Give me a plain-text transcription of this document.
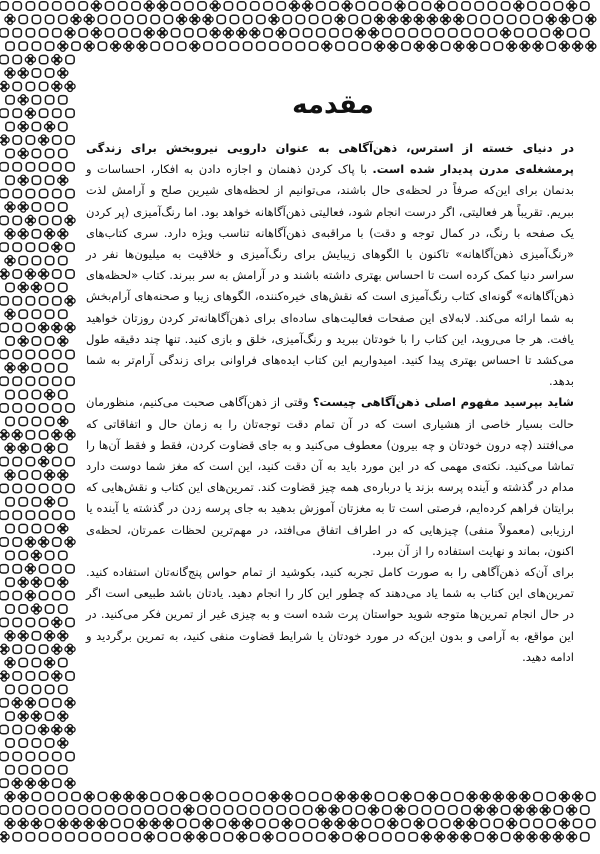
مقدمه

در دنیای خسته از استرس، ذهن‌آگاهی به عنوان دارویی نیروبخش برای زندگی پرمشغله‌ی مدرن پدیدار شده است. با پاک کردن ذهنمان و اجازه دادن به افکار، احساسات و بدنمان برای این‌که صرفاً در لحظه‌ی حال باشند، می‌توانیم از لحظه‌های شیرین صلح و آرامش لذت ببریم. تقریباً هر فعالیتی، اگر درست انجام شود، فعالیتی ذهن‌آگاهانه خواهد بود. اما رنگ‌آمیزی (پر کردن یک صفحه با رنگ، در کمال توجه و دقت) با مراقبه‌ی ذهن‌آگاهانه تناسب ویژه دارد. سری کتاب‌های «رنگ‌آمیزی ذهن‌آگاهانه» تاکنون با الگوهای زیبایش برای رنگ‌آمیزی و خلاقیت به میلیون‌ها نفر در سراسر دنیا کمک کرده است تا احساس بهتری داشته باشند و در آرامش به سر ببرند. کتاب «لحظه‌های ذهن‌آگاهانه» گونه‌ای کتاب رنگ‌آمیزی است که نقش‌های خیره‌کننده، الگوهای زیبا و صحنه‌های آرام‌بخش به شما ارائه می‌کند. لابه‌لای این صفحات فعالیت‌های ساده‌ای برای ذهن‌آگاهانه‌تر کردن روزتان خواهید یافت. هر جا می‌روید، این کتاب را با خودتان ببرید و رنگ‌آمیزی، خلق و بازی کنید. تنها چند دقیقه طول می‌کشد تا احساس بهتری پیدا کنید. امیدواریم این کتاب ایده‌های فراوانی برای زندگی آرام‌تر به شما بدهد.

شاید بپرسید مفهوم اصلی ذهن‌آگاهی چیست؟ وقتی از ذهن‌آگاهی صحبت می‌کنیم، منظورمان حالت بسیار خاصی از هشیاری است که در آن تمام دقت توجه‌تان را به زمان حال و اتفاقاتی که می‌افتند (چه درون خودتان و چه بیرون) معطوف می‌کنید و به جای قضاوت کردن، فقط و فقط آن‌ها را تماشا می‌کنید. نکته‌ی مهمی که در این مورد باید به آن دقت کنید، این است که مغز شما دوست دارد مدام در گذشته و آینده پرسه بزند یا درباره‌ی همه چیز قضاوت کند. تمرین‌های این کتاب و نقش‌هایی که برایتان فراهم کرده‌ایم، فرصتی است تا به مغزتان آموزش بدهید به جای پرسه زدن در گذشته یا آینده یا ارزیابی (معمولاً منفی) چیزهایی که در اطراف اتفاق می‌افتد، در مهم‌ترین لحظات عمرتان، لحظه‌ی اکنون، بماند و نهایت استفاده را از آن ببرد.

برای آن‌که ذهن‌آگاهی را به صورت کامل تجربه کنید، بکوشید از تمام حواس پنج‌گانه‌تان استفاده کنید. تمرین‌های این کتاب به شما یاد می‌دهند که چطور این کار را انجام دهید. یادتان باشد طبیعی است اگر در حال انجام تمرین‌ها متوجه شوید حواستان پرت شده است و به چیزی غیر از تمرین فکر می‌کنید. در این مواقع، به آرامی و بدون این‌که در مورد خودتان یا شرایط قضاوت منفی کنید، به تمرین برگردید و ادامه دهید.
